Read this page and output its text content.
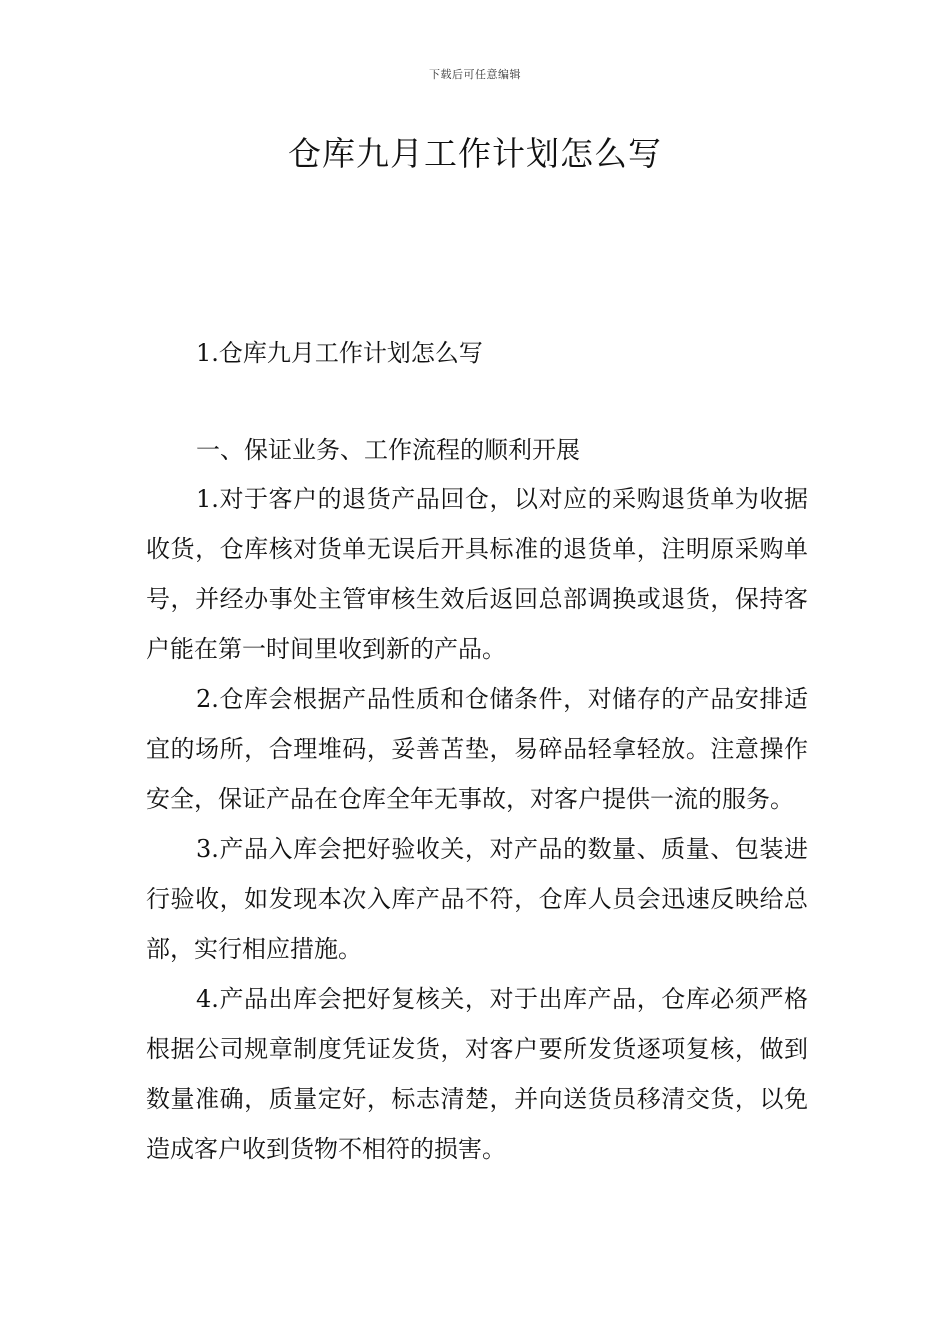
下载后可任意编辑
仓库九月工作计划怎么写
1.仓库九月工作计划怎么写
一、保证业务、工作流程的顺利开展

1.对于客户的退货产品回仓，以对应的采购退货单为收据收货，仓库核对货单无误后开具标准的退货单，注明原采购单号，并经办事处主管审核生效后返回总部调换或退货，保持客户能在第一时间里收到新的产品。

2.仓库会根据产品性质和仓储条件，对储存的产品安排适宜的场所，合理堆码，妥善苫垫，易碎品轻拿轻放。注意操作安全，保证产品在仓库全年无事故，对客户提供一流的服务。

3.产品入库会把好验收关，对产品的数量、质量、包装进行验收，如发现本次入库产品不符，仓库人员会迅速反映给总部，实行相应措施。

4.产品出库会把好复核关，对于出库产品，仓库必须严格根据公司规章制度凭证发货，对客户要所发货逐项复核，做到数量准确，质量定好，标志清楚，并向送货员移清交货，以免造成客户收到货物不相符的损害。
